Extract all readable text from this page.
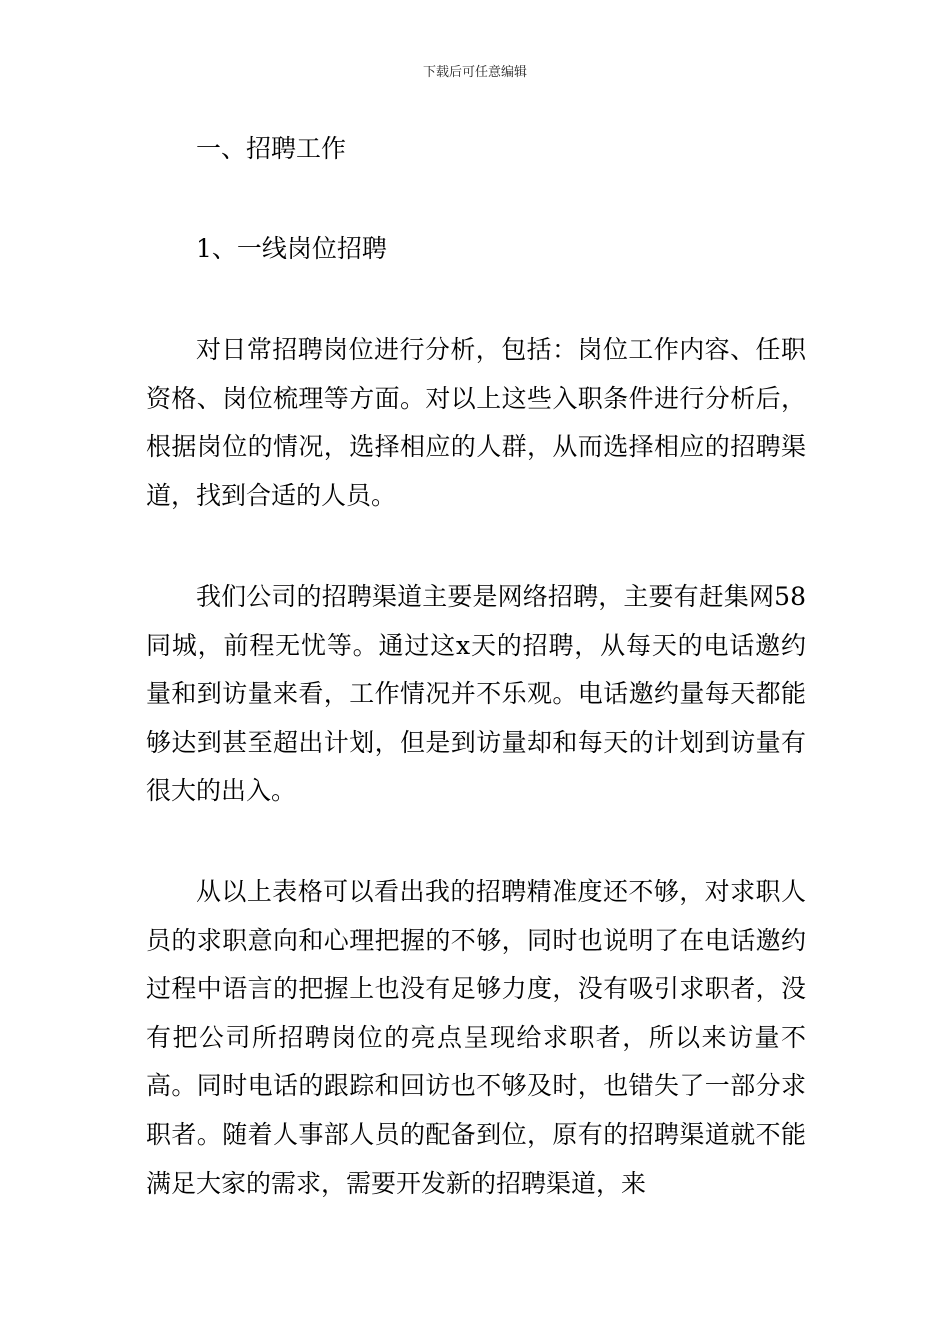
下载后可任意编辑
一、招聘工作
1、一线岗位招聘

对日常招聘岗位进行分析，包括：岗位工作内容、任职资格、岗位梳理等方面。对以上这些入职条件进行分析后，根据岗位的情况，选择相应的人群，从而选择相应的招聘渠道，找到合适的人员。

我们公司的招聘渠道主要是网络招聘，主要有赶集网58同城，前程无忧等。通过这x天的招聘，从每天的电话邀约量和到访量来看，工作情况并不乐观。电话邀约量每天都能够达到甚至超出计划，但是到访量却和每天的计划到访量有很大的出入。

从以上表格可以看出我的招聘精准度还不够，对求职人员的求职意向和心理把握的不够，同时也说明了在电话邀约过程中语言的把握上也没有足够力度，没有吸引求职者，没有把公司所招聘岗位的亮点呈现给求职者，所以来访量不高。同时电话的跟踪和回访也不够及时，也错失了一部分求职者。随着人事部人员的配备到位，原有的招聘渠道就不能满足大家的需求，需要开发新的招聘渠道，来
